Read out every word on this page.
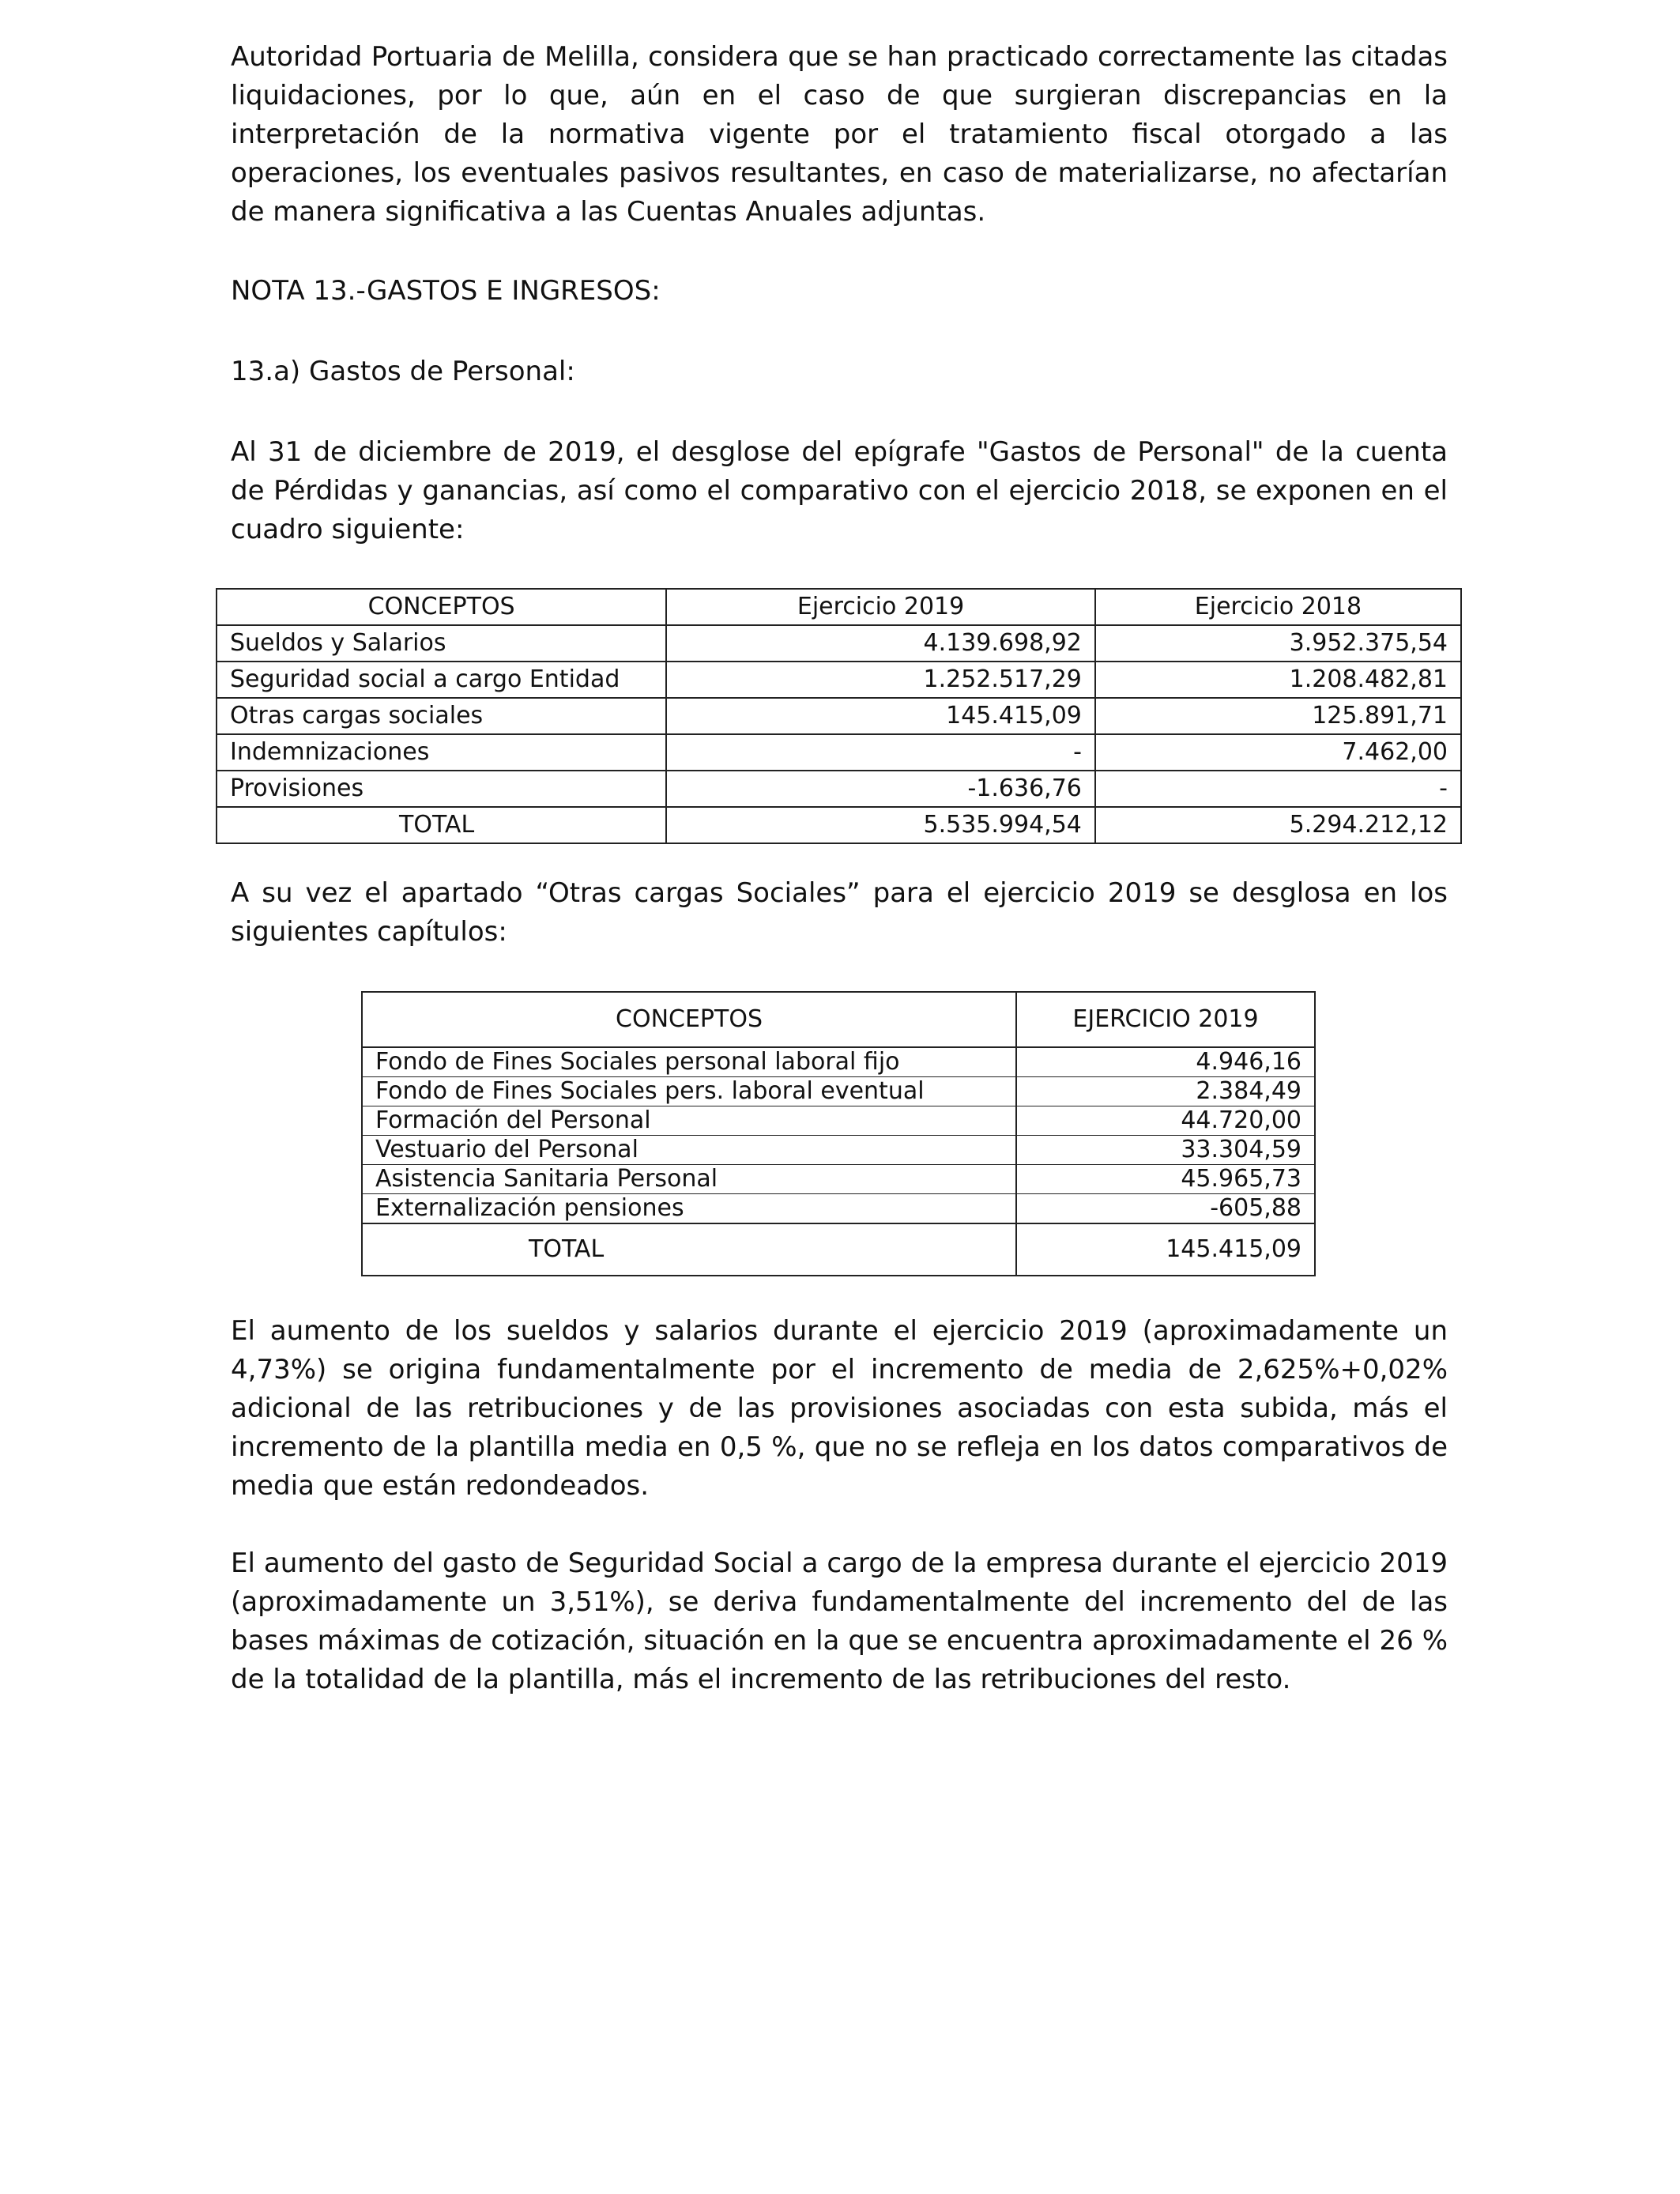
Autoridad Portuaria de Melilla, considera que se han practicado correctamente las citadas liquidaciones, por lo que, aún en el caso de que surgieran discrepancias en la interpretación de la normativa vigente por el tratamiento fiscal otorgado a las operaciones, los eventuales pasivos resultantes, en caso de materializarse, no afectarían de manera significativa a las Cuentas Anuales adjuntas.

NOTA 13.-GASTOS E INGRESOS:

13.a) Gastos de Personal:

Al 31 de diciembre de 2019, el desglose del epígrafe "Gastos de Personal" de la cuenta de Pérdidas y ganancias, así como el comparativo con el ejercicio 2018, se exponen en el cuadro siguiente:

CONCEPTOS	Ejercicio 2019	Ejercicio 2018
Sueldos y Salarios	4.139.698,92	3.952.375,54
Seguridad social a cargo Entidad	1.252.517,29	1.208.482,81
Otras cargas sociales	145.415,09	125.891,71
Indemnizaciones	-	7.462,00
Provisiones	-1.636,76	-
TOTAL	5.535.994,54	5.294.212,12

A su vez el apartado “Otras cargas Sociales” para el ejercicio 2019 se desglosa en los siguientes capítulos:

CONCEPTOS	EJERCICIO 2019
Fondo de Fines Sociales personal laboral fijo	4.946,16
Fondo de Fines Sociales pers. laboral eventual	2.384,49
Formación del Personal	44.720,00
Vestuario del Personal	33.304,59
Asistencia Sanitaria Personal	45.965,73
Externalización pensiones	-605,88
TOTAL	145.415,09

El aumento de los sueldos y salarios durante el ejercicio 2019 (aproximadamente un 4,73%) se origina fundamentalmente por el incremento de media de 2,625%+0,02% adicional de las retribuciones y de las provisiones asociadas con esta subida, más el incremento de la plantilla media en 0,5 %, que no se refleja en los datos comparativos de media que están redondeados.

El aumento del gasto de Seguridad Social a cargo de la empresa durante el ejercicio 2019 (aproximadamente un 3,51%), se deriva fundamentalmente del incremento del de las bases máximas de cotización, situación en la que se encuentra aproximadamente el 26 % de la totalidad de la plantilla, más el incremento de las retribuciones del resto.
